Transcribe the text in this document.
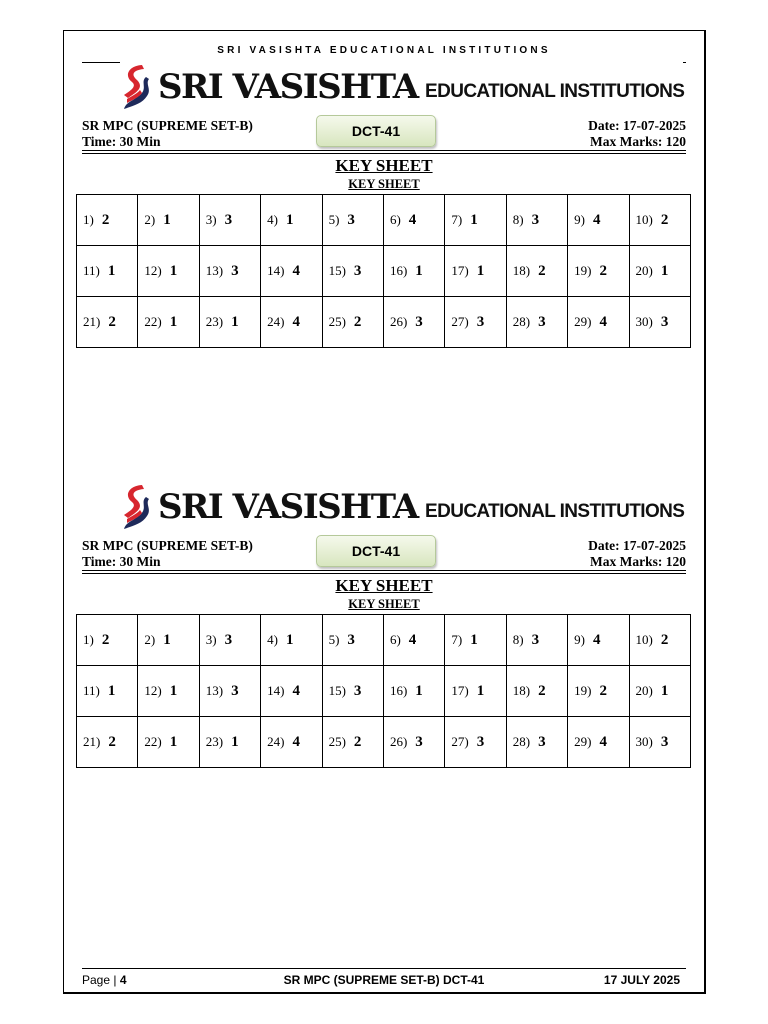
SRI VASISHTA EDUCATIONAL INSTITUTIONS
SRI VASISHTA EDUCATIONAL INSTITUTIONS
SR MPC (SUPREME SET-B)
Time: 30 Min
DCT-41	Date: 17-07-2025
Max Marks: 120
KEY SHEET
KEY SHEET
1) 2	2) 1	3) 3	4) 1	5) 3	6) 4	7) 1	8) 3	9) 4	10) 2
11) 1	12) 1	13) 3	14) 4	15) 3	16) 1	17) 1	18) 2	19) 2	20) 1
21) 2	22) 1	23) 1	24) 4	25) 2	26) 3	27) 3	28) 3	29) 4	30) 3
SRI VASISHTA EDUCATIONAL INSTITUTIONS
SR MPC (SUPREME SET-B)
Time: 30 Min
DCT-41	Date: 17-07-2025
Max Marks: 120
KEY SHEET
KEY SHEET
1) 2	2) 1	3) 3	4) 1	5) 3	6) 4	7) 1	8) 3	9) 4	10) 2
11) 1	12) 1	13) 3	14) 4	15) 3	16) 1	17) 1	18) 2	19) 2	20) 1
21) 2	22) 1	23) 1	24) 4	25) 2	26) 3	27) 3	28) 3	29) 4	30) 3
Page | 4	SR MPC (SUPREME SET-B) DCT-41	17 JULY 2025
